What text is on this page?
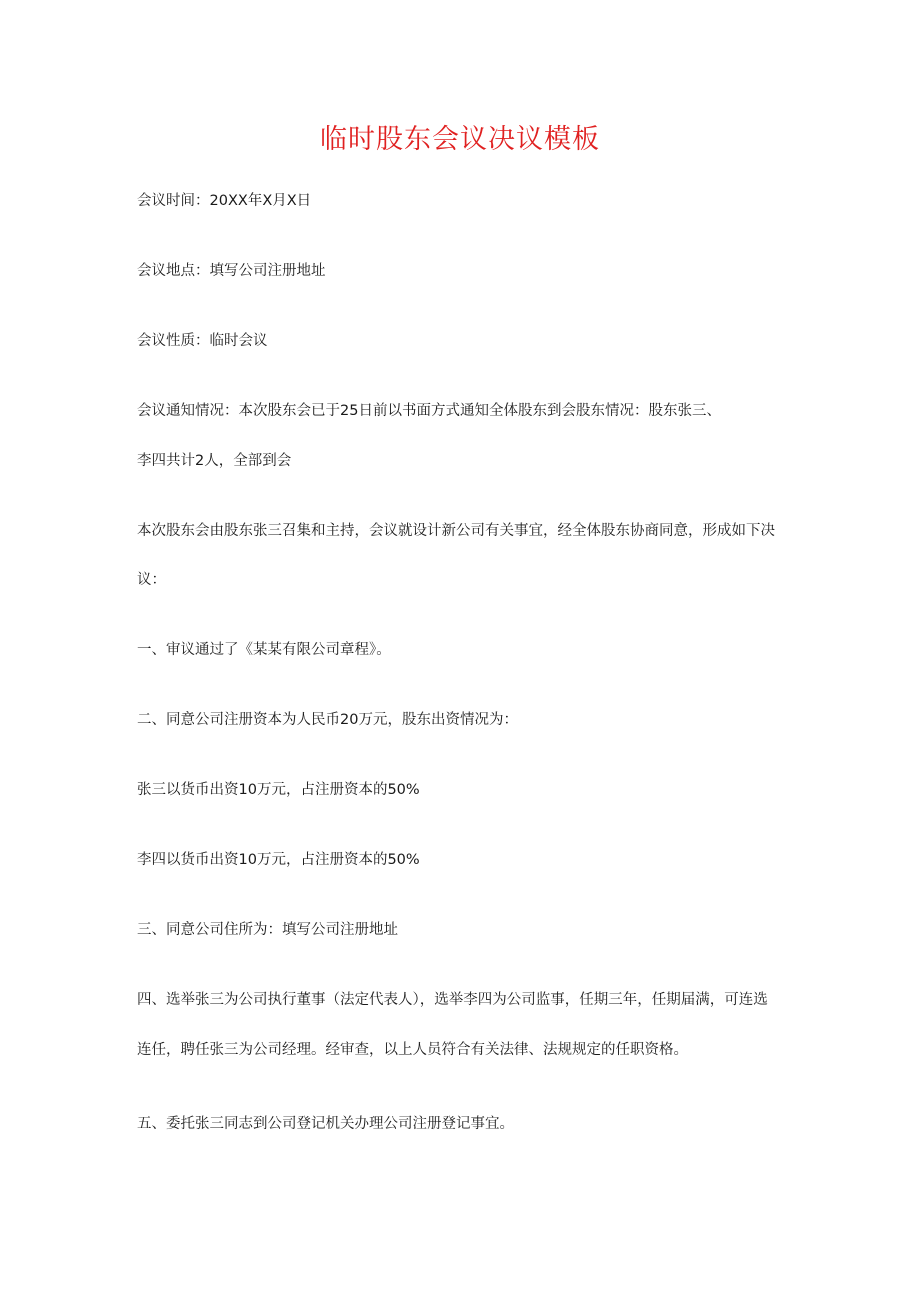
临时股东会议决议模板
会议时间：20XX年X月X日
会议地点：填写公司注册地址
会议性质：临时会议
会议通知情况：本次股东会已于25日前以书面方式通知全体股东到会股东情况：股东张三、
李四共计2人，全部到会
本次股东会由股东张三召集和主持，会议就设计新公司有关事宜，经全体股东协商同意，形成如下决
议：
一、审议通过了《某某有限公司章程》。
二、同意公司注册资本为人民币20万元，股东出资情况为：
张三以货币出资10万元，占注册资本的50%
李四以货币出资10万元，占注册资本的50%
三、同意公司住所为：填写公司注册地址
四、选举张三为公司执行董事（法定代表人），选举李四为公司监事，任期三年，任期届满，可连选
连任，聘任张三为公司经理。经审查，以上人员符合有关法律、法规规定的任职资格。
五、委托张三同志到公司登记机关办理公司注册登记事宜。
